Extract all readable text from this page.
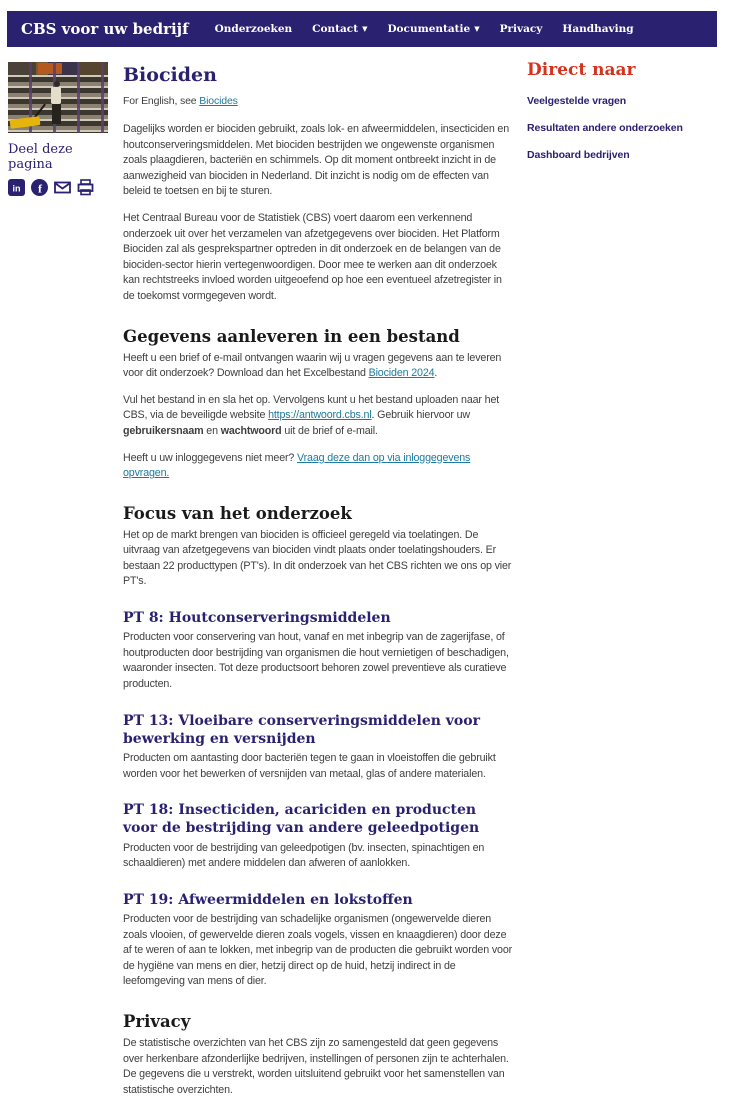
CBS voor uw bedrijf Onderzoeken Contact ▼ Documentatie ▼ Privacy Handhaving
Deel deze pagina
in f
Biociden

For English, see Biocides

Dagelijks worden er biociden gebruikt, zoals lok- en afweermiddelen, insecticiden en houtconserveringsmiddelen. Met biociden bestrijden we ongewenste organismen zoals plaagdieren, bacteriën en schimmels. Op dit moment ontbreekt inzicht in de aanwezigheid van biociden in Nederland. Dit inzicht is nodig om de effecten van beleid te toetsen en bij te sturen.

Het Centraal Bureau voor de Statistiek (CBS) voert daarom een verkennend onderzoek uit over het verzamelen van afzetgegevens over biociden. Het Platform Biociden zal als gesprekspartner optreden in dit onderzoek en de belangen van de biociden-sector hierin vertegenwoordigen. Door mee te werken aan dit onderzoek kan rechtstreeks invloed worden uitgeoefend op hoe een eventueel afzetregister in de toekomst vormgegeven wordt.

Gegevens aanleveren in een bestand

Heeft u een brief of e-mail ontvangen waarin wij u vragen gegevens aan te leveren voor dit onderzoek? Download dan het Excelbestand Biociden 2024.

Vul het bestand in en sla het op. Vervolgens kunt u het bestand uploaden naar het CBS, via de beveiligde website https://antwoord.cbs.nl. Gebruik hiervoor uw gebruikersnaam en wachtwoord uit de brief of e-mail.

Heeft u uw inloggegevens niet meer? Vraag deze dan op via inloggegevens opvragen.

Focus van het onderzoek

Het op de markt brengen van biociden is officieel geregeld via toelatingen. De uitvraag van afzetgegevens van biociden vindt plaats onder toelatingshouders. Er bestaan 22 producttypen (PT's). In dit onderzoek van het CBS richten we ons op vier PT's.

PT 8: Houtconserveringsmiddelen

Producten voor conservering van hout, vanaf en met inbegrip van de zagerijfase, of houtproducten door bestrijding van organismen die hout vernietigen of beschadigen, waaronder insecten. Tot deze productsoort behoren zowel preventieve als curatieve producten.

PT 13: Vloeibare conserveringsmiddelen voor bewerking en versnijden

Producten om aantasting door bacteriën tegen te gaan in vloeistoffen die gebruikt worden voor het bewerken of versnijden van metaal, glas of andere materialen.

PT 18: Insecticiden, acariciden en producten voor de bestrijding van andere geleedpotigen

Producten voor de bestrijding van geleedpotigen (bv. insecten, spinachtigen en schaaldieren) met andere middelen dan afweren of aanlokken.

PT 19: Afweermiddelen en lokstoffen

Producten voor de bestrijding van schadelijke organismen (ongewervelde dieren zoals vlooien, of gewervelde dieren zoals vogels, vissen en knaagdieren) door deze af te weren of aan te lokken, met inbegrip van de producten die gebruikt worden voor de hygiëne van mens en dier, hetzij direct op de huid, hetzij indirect in de leefomgeving van mens of dier.

Privacy

De statistische overzichten van het CBS zijn zo samengesteld dat geen gegevens over herkenbare afzonderlijke bedrijven, instellingen of personen zijn te achterhalen. De gegevens die u verstrekt, worden uitsluitend gebruikt voor het samenstellen van statistische overzichten.

Direct naar
Veelgestelde vragen
Resultaten andere onderzoeken
Dashboard bedrijven
